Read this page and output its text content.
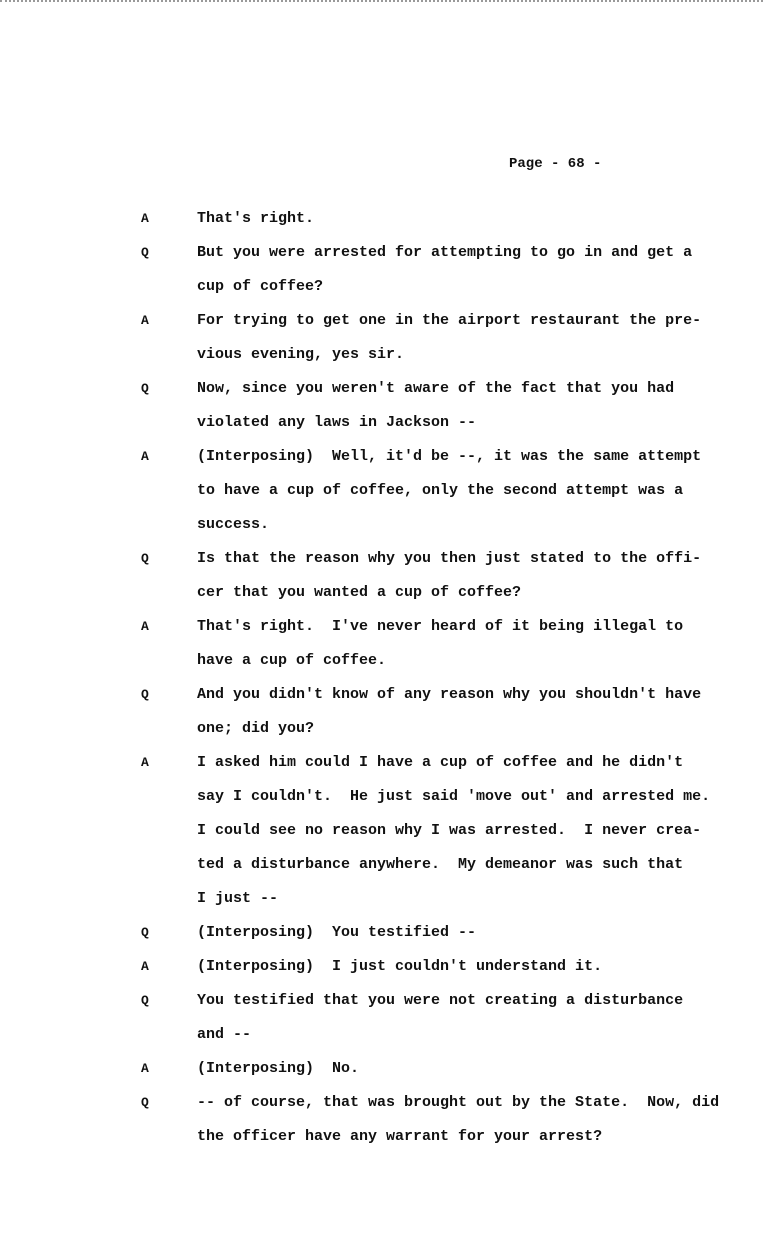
Page - 68 -
A	That's right.
Q	But you were arrested for attempting to go in and get a
cup of coffee?
A	For trying to get one in the airport restaurant the pre-
vious evening, yes sir.
Q	Now, since you weren't aware of the fact that you had
violated any laws in Jackson --
A	(Interposing)  Well, it'd be --, it was the same attempt
to have a cup of coffee, only the second attempt was a
success.
Q	Is that the reason why you then just stated to the offi-
cer that you wanted a cup of coffee?
A	That's right.  I've never heard of it being illegal to
have a cup of coffee.
Q	And you didn't know of any reason why you shouldn't have
one; did you?
A	I asked him could I have a cup of coffee and he didn't
say I couldn't.  He just said 'move out' and arrested me.
I could see no reason why I was arrested.  I never crea-
ted a disturbance anywhere.  My demeanor was such that
I just --
Q	(Interposing)  You testified --
A	(Interposing)  I just couldn't understand it.
Q	You testified that you were not creating a disturbance
and --
A	(Interposing)  No.
Q	-- of course, that was brought out by the State.  Now, did
the officer have any warrant for your arrest?
